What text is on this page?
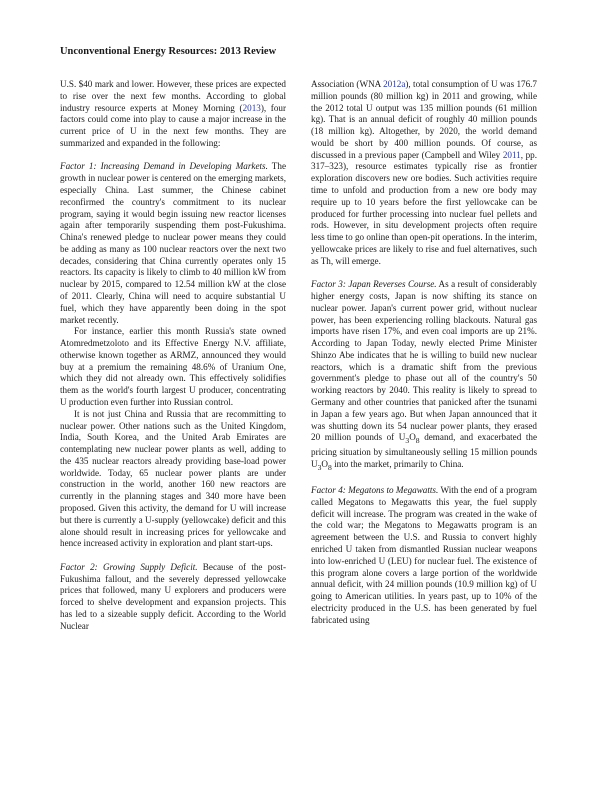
Unconventional Energy Resources: 2013 Review

U.S. $40 mark and lower. However, these prices are expected to rise over the next few months. According to global industry resource experts at Money Morning (2013), four factors could come into play to cause a major increase in the current price of U in the next few months. They are summarized and expanded in the following:

Factor 1: Increasing Demand in Developing Markets. The growth in nuclear power is centered on the emerging markets, especially China. Last summer, the Chinese cabinet reconfirmed the country's commitment to its nuclear program, saying it would begin issuing new reactor licenses again after temporarily suspending them post-Fukushima. China's renewed pledge to nuclear power means they could be adding as many as 100 nuclear reactors over the next two decades, considering that China currently operates only 15 reactors. Its capacity is likely to climb to 40 million kW from nuclear by 2015, compared to 12.54 million kW at the close of 2011. Clearly, China will need to acquire substantial U fuel, which they have apparently been doing in the spot market recently.

For instance, earlier this month Russia's state owned Atomredmetzoloto and its Effective Energy N.V. affiliate, otherwise known together as ARMZ, announced they would buy at a premium the remaining 48.6% of Uranium One, which they did not already own. This effectively solidifies them as the world's fourth largest U producer, concentrating U production even further into Russian control.

It is not just China and Russia that are recommitting to nuclear power. Other nations such as the United Kingdom, India, South Korea, and the United Arab Emirates are contemplating new nuclear power plants as well, adding to the 435 nuclear reactors already providing base-load power worldwide. Today, 65 nuclear power plants are under construction in the world, another 160 new reactors are currently in the planning stages and 340 more have been proposed. Given this activity, the demand for U will increase but there is currently a U-supply (yellowcake) deficit and this alone should result in increasing prices for yellowcake and hence increased activity in exploration and plant start-ups.

Factor 2: Growing Supply Deficit. Because of the post-Fukushima fallout, and the severely depressed yellowcake prices that followed, many U explorers and producers were forced to shelve development and expansion projects. This has led to a sizeable supply deficit. According to the World Nuclear

Association (WNA 2012a), total consumption of U was 176.7 million pounds (80 million kg) in 2011 and growing, while the 2012 total U output was 135 million pounds (61 million kg). That is an annual deficit of roughly 40 million pounds (18 million kg). Altogether, by 2020, the world demand would be short by 400 million pounds. Of course, as discussed in a previous paper (Campbell and Wiley 2011, pp. 317–323), resource estimates typically rise as frontier exploration discovers new ore bodies. Such activities require time to unfold and production from a new ore body may require up to 10 years before the first yellowcake can be produced for further processing into nuclear fuel pellets and rods. However, in situ development projects often require less time to go online than open-pit operations. In the interim, yellowcake prices are likely to rise and fuel alternatives, such as Th, will emerge.

Factor 3: Japan Reverses Course. As a result of considerably higher energy costs, Japan is now shifting its stance on nuclear power. Japan's current power grid, without nuclear power, has been experiencing rolling blackouts. Natural gas imports have risen 17%, and even coal imports are up 21%. According to Japan Today, newly elected Prime Minister Shinzo Abe indicates that he is willing to build new nuclear reactors, which is a dramatic shift from the previous government's pledge to phase out all of the country's 50 working reactors by 2040. This reality is likely to spread to Germany and other countries that panicked after the tsunami in Japan a few years ago. But when Japan announced that it was shutting down its 54 nuclear power plants, they erased 20 million pounds of $U_3O_8$ demand, and exacerbated the pricing situation by simultaneously selling 15 million pounds $U_3O_8$ into the market, primarily to China.

Factor 4: Megatons to Megawatts. With the end of a program called Megatons to Megawatts this year, the fuel supply deficit will increase. The program was created in the wake of the cold war; the Megatons to Megawatts program is an agreement between the U.S. and Russia to convert highly enriched U taken from dismantled Russian nuclear weapons into low-enriched U (LEU) for nuclear fuel. The existence of this program alone covers a large portion of the worldwide annual deficit, with 24 million pounds (10.9 million kg) of U going to American utilities. In years past, up to 10% of the electricity produced in the U.S. has been generated by fuel fabricated using
